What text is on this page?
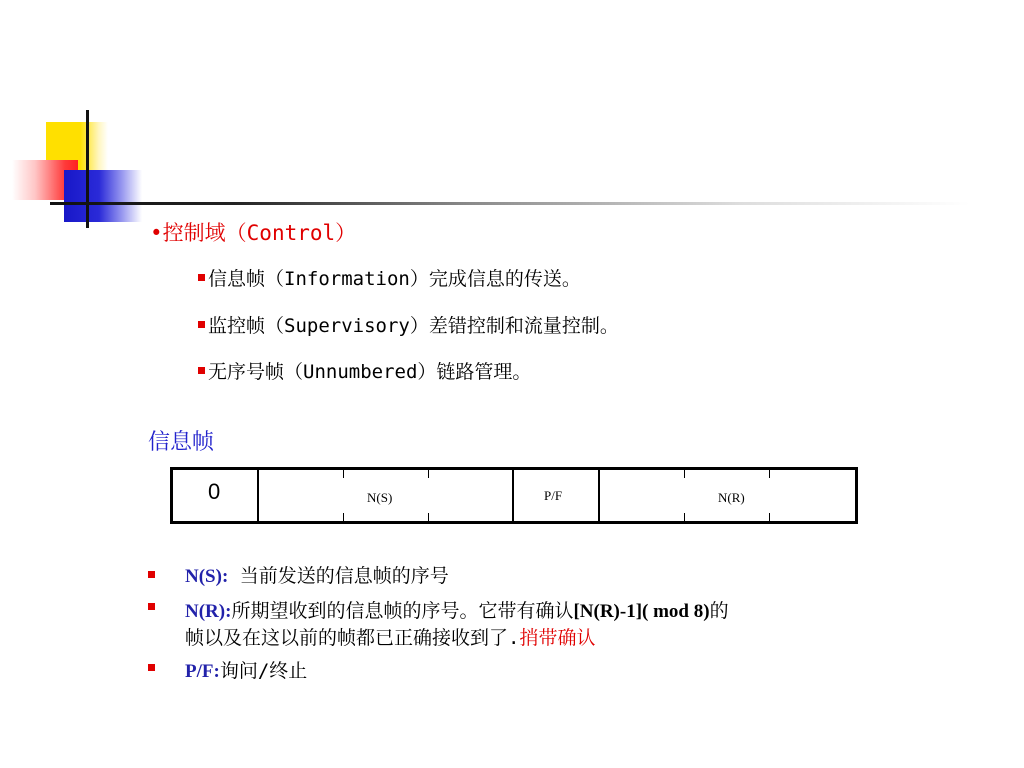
•控制域（Control）
信息帧（Information）完成信息的传送。
监控帧（Supervisory）差错控制和流量控制。
无序号帧（Unnumbered）链路管理。
信息帧
0	N(S)	P/F	N(R)
N(S): 当前发送的信息帧的序号
N(R):所期望收到的信息帧的序号。它带有确认[N(R)-1]( mod 8)的
帧以及在这以前的帧都已正确接收到了.捎带确认
P/F:询问/终止
